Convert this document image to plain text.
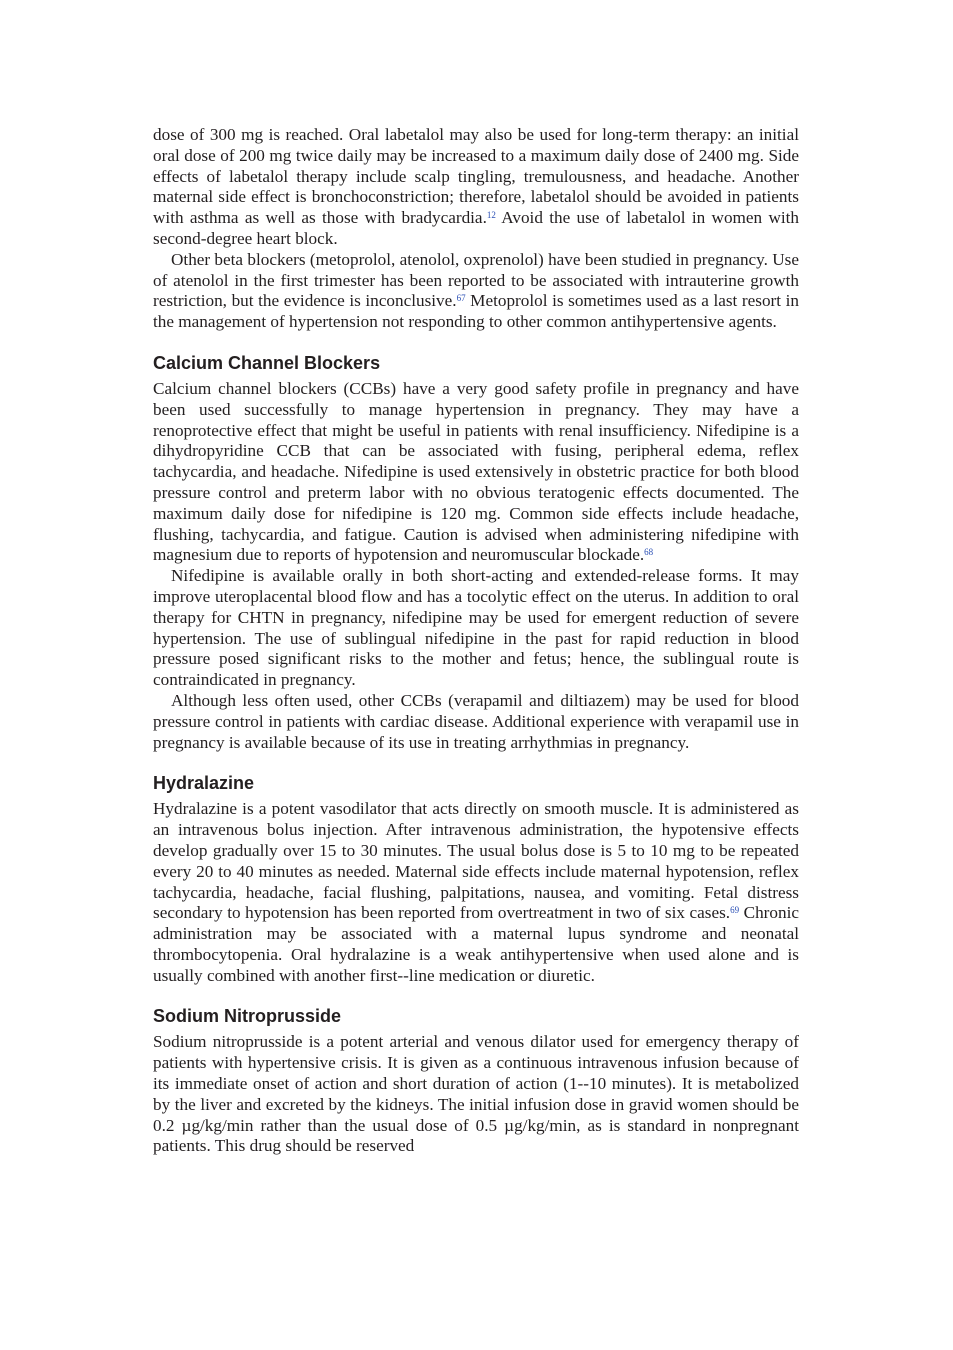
dose of 300 mg is reached. Oral labetalol may also be used for long-term therapy: an initial oral dose of 200 mg twice daily may be increased to a maximum daily dose of 2400 mg. Side effects of labetalol therapy include scalp tingling, tremulousness, and headache. Another maternal side effect is bronchoconstriction; therefore, labetalol should be avoided in patients with asthma as well as those with bradycardia.$^{12}$ Avoid the use of labetalol in women with second-degree heart block.

Other beta blockers (metoprolol, atenolol, oxprenolol) have been studied in pregnancy. Use of atenolol in the first trimester has been reported to be associated with intrauterine growth restriction, but the evidence is inconclusive.$^{67}$ Metoprolol is sometimes used as a last resort in the management of hypertension not responding to other common antihypertensive agents.

Calcium Channel Blockers

Calcium channel blockers (CCBs) have a very good safety profile in pregnancy and have been used successfully to manage hypertension in pregnancy. They may have a renoprotective effect that might be useful in patients with renal insufficiency. Nifedipine is a dihydropyridine CCB that can be associated with fusing, peripheral edema, reflex tachycardia, and headache. Nifedipine is used extensively in obstetric practice for both blood pressure control and preterm labor with no obvious teratogenic effects documented. The maximum daily dose for nifedipine is 120 mg. Common side effects include headache, flushing, tachycardia, and fatigue. Caution is advised when administering nifedipine with magnesium due to reports of hypotension and neuromuscular blockade.$^{68}$

Nifedipine is available orally in both short-acting and extended-release forms. It may improve uteroplacental blood flow and has a tocolytic effect on the uterus. In addition to oral therapy for CHTN in pregnancy, nifedipine may be used for emergent reduction of severe hypertension. The use of sublingual nifedipine in the past for rapid reduction in blood pressure posed significant risks to the mother and fetus; hence, the sublingual route is contraindicated in pregnancy.

Although less often used, other CCBs (verapamil and diltiazem) may be used for blood pressure control in patients with cardiac disease. Additional experience with verapamil use in pregnancy is available because of its use in treating arrhythmias in pregnancy.

Hydralazine

Hydralazine is a potent vasodilator that acts directly on smooth muscle. It is administered as an intravenous bolus injection. After intravenous administration, the hypotensive effects develop gradually over 15 to 30 minutes. The usual bolus dose is 5 to 10 mg to be repeated every 20 to 40 minutes as needed. Maternal side effects include maternal hypotension, reflex tachycardia, headache, facial flushing, palpitations, nausea, and vomiting. Fetal distress secondary to hypotension has been reported from overtreatment in two of six cases.$^{69}$ Chronic administration may be associated with a maternal lupus syndrome and neonatal thrombocytopenia. Oral hydralazine is a weak antihypertensive when used alone and is usually combined with another first--line medication or diuretic.

Sodium Nitroprusside

Sodium nitroprusside is a potent arterial and venous dilator used for emergency therapy of patients with hypertensive crisis. It is given as a continuous intravenous infusion because of its immediate onset of action and short duration of action (1--10 minutes). It is metabolized by the liver and excreted by the kidneys. The initial infusion dose in gravid women should be 0.2 µg/kg/min rather than the usual dose of 0.5 µg/kg/min, as is standard in nonpregnant patients. This drug should be reserved
